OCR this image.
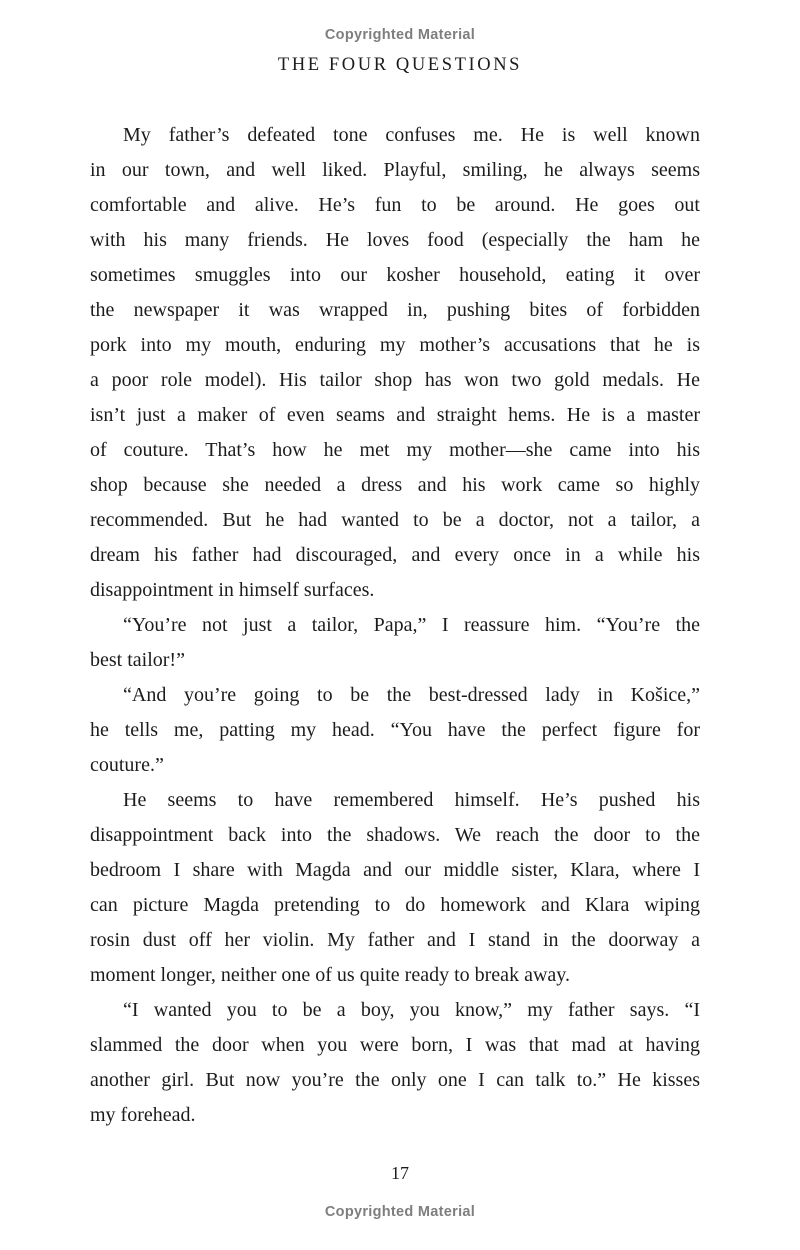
Copyrighted Material
THE FOUR QUESTIONS
My father’s defeated tone confuses me. He is well known
in our town, and well liked. Playful, smiling, he always seems
comfortable and alive. He’s fun to be around. He goes out
with his many friends. He loves food (especially the ham he
sometimes smuggles into our kosher household, eating it over
the newspaper it was wrapped in, pushing bites of forbidden
pork into my mouth, enduring my mother’s accusations that he is
a poor role model). His tailor shop has won two gold medals. He
isn’t just a maker of even seams and straight hems. He is a master
of couture. That’s how he met my mother—she came into his
shop because she needed a dress and his work came so highly
recommended. But he had wanted to be a doctor, not a tailor, a
dream his father had discouraged, and every once in a while his
disappointment in himself surfaces.
“You’re not just a tailor, Papa,” I reassure him. “You’re the
best tailor!”
“And you’re going to be the best-dressed lady in Košice,”
he tells me, patting my head. “You have the perfect figure for
couture.”
He seems to have remembered himself. He’s pushed his
disappointment back into the shadows. We reach the door to the
bedroom I share with Magda and our middle sister, Klara, where I
can picture Magda pretending to do homework and Klara wiping
rosin dust off her violin. My father and I stand in the doorway a
moment longer, neither one of us quite ready to break away.
“I wanted you to be a boy, you know,” my father says. “I
slammed the door when you were born, I was that mad at having
another girl. But now you’re the only one I can talk to.” He kisses
my forehead.
17
Copyrighted Material
